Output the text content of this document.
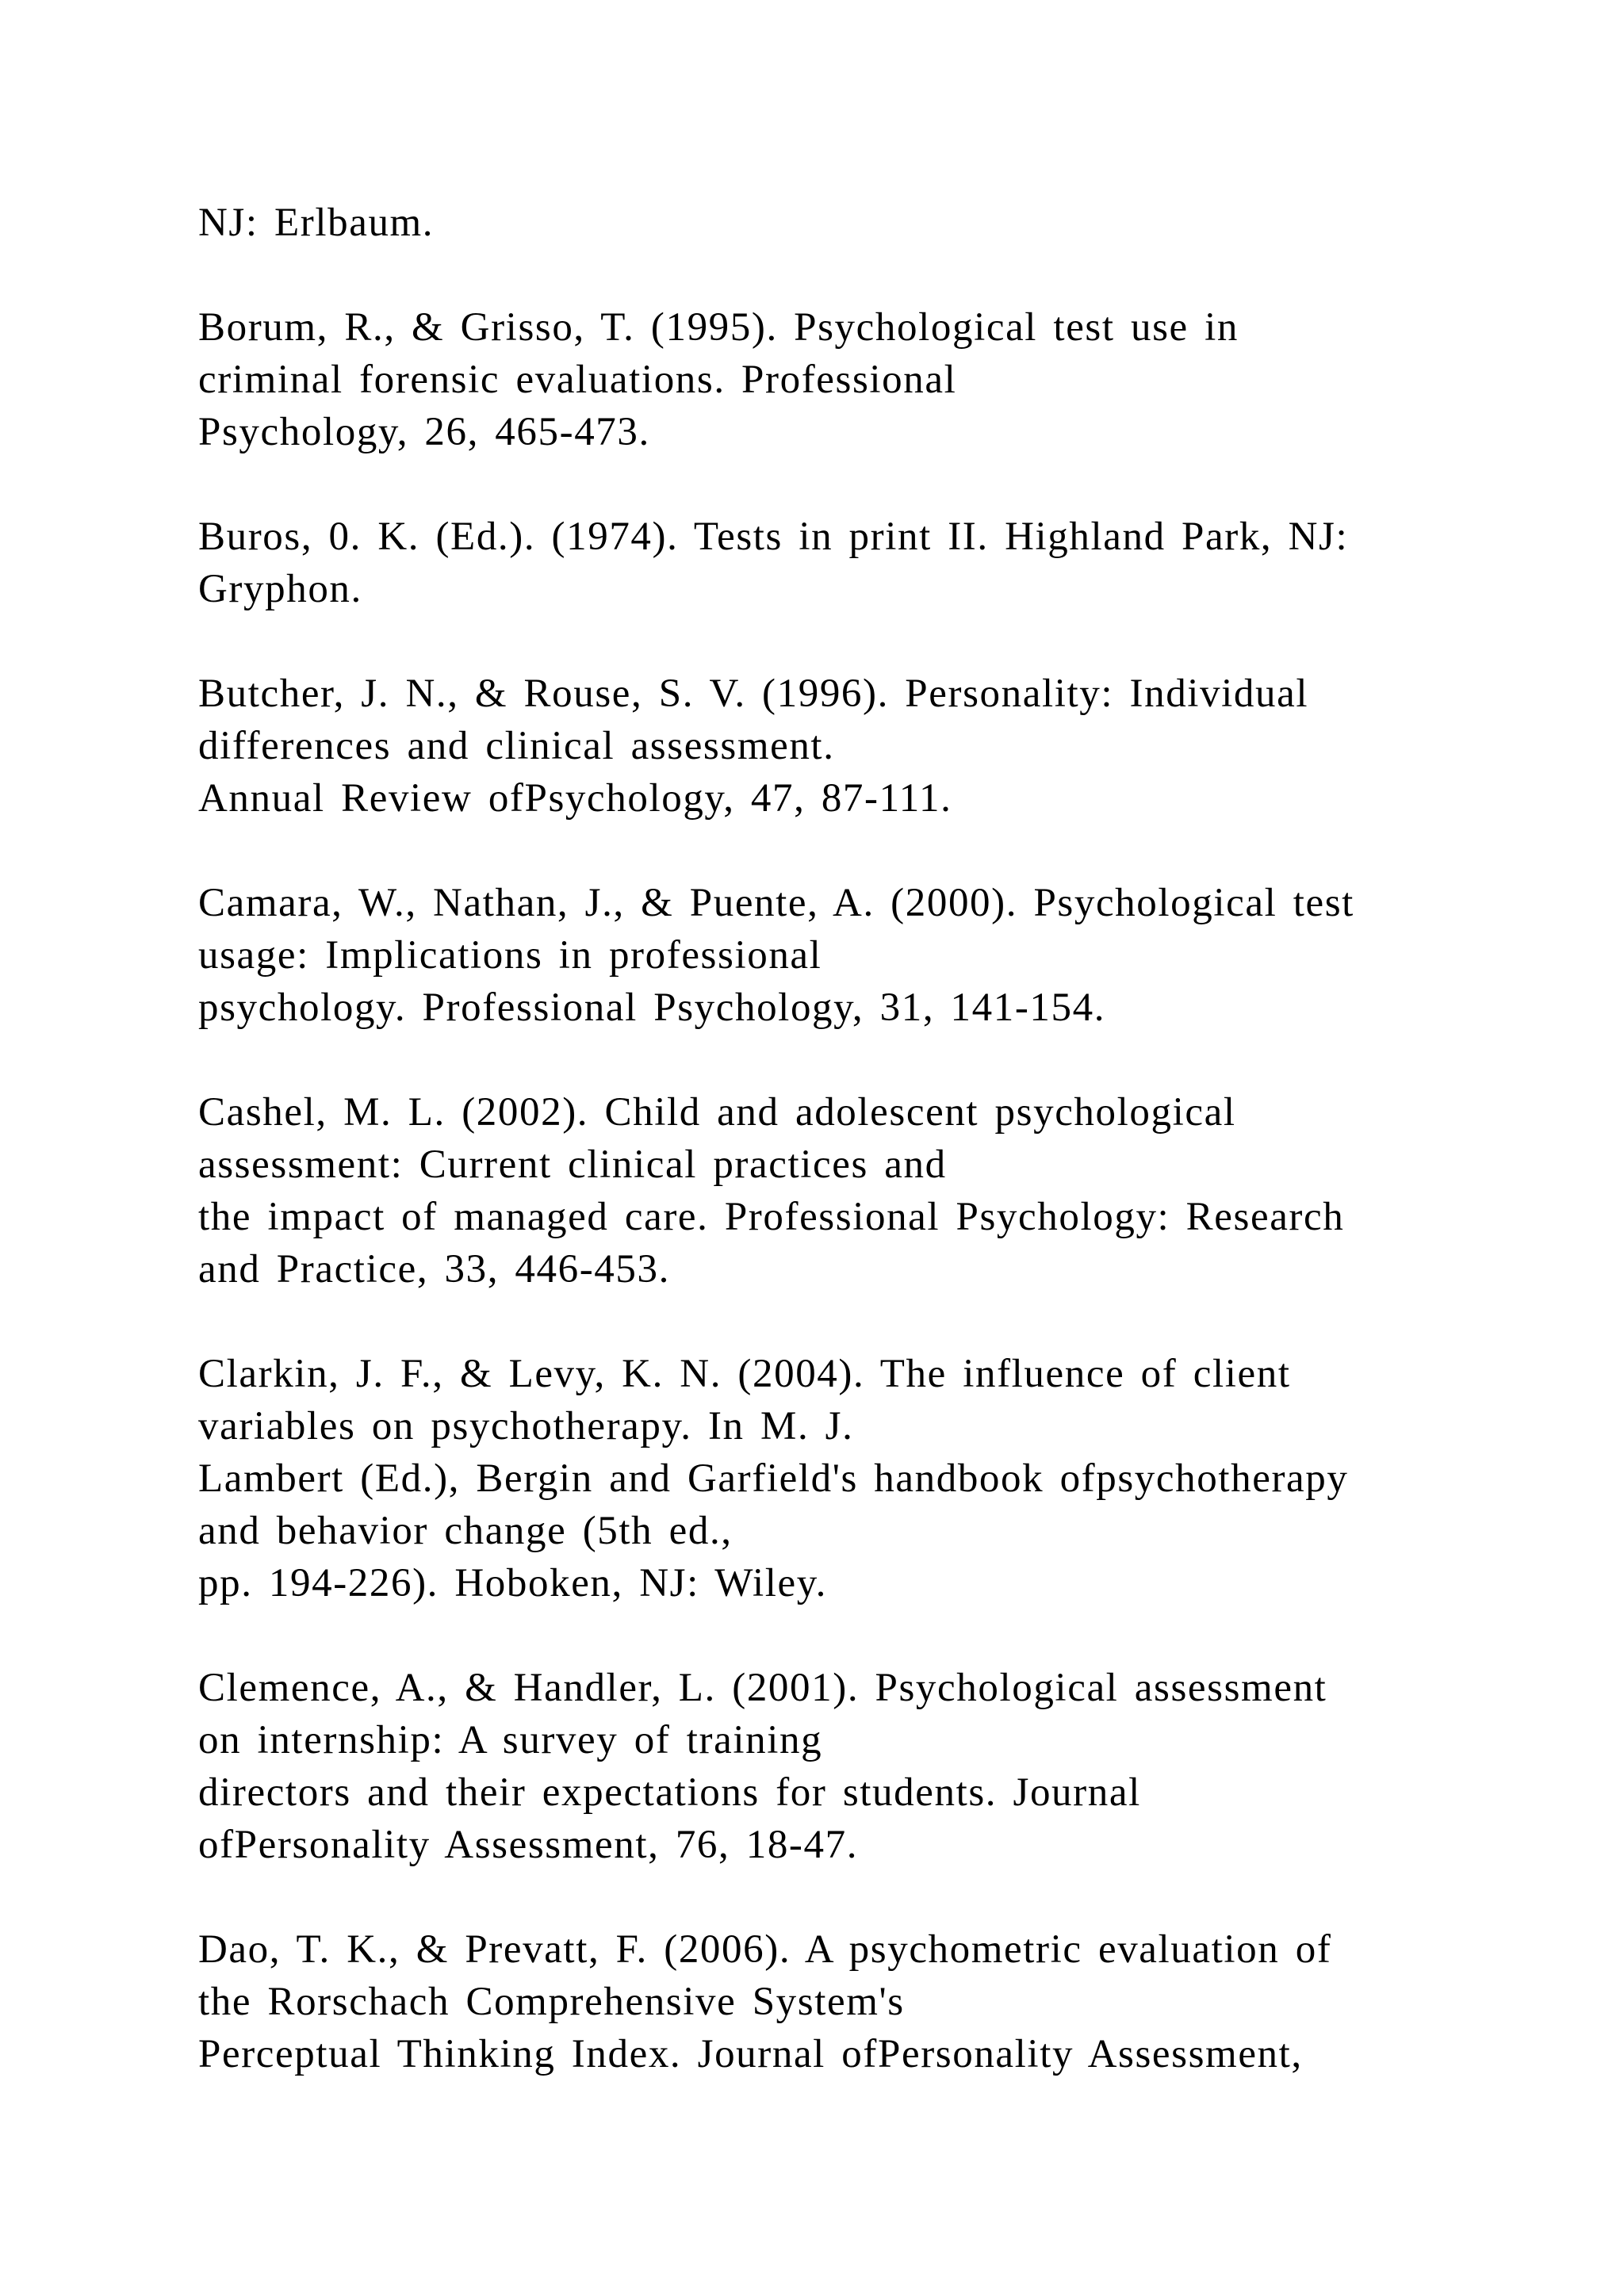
NJ: Erlbaum.
Borum, R., & Grisso, T. (1995). Psychological test use in
criminal forensic evaluations. Professional
Psychology, 26, 465-473.
Buros, 0. K. (Ed.). (1974). Tests in print II. Highland Park, NJ:
Gryphon.
Butcher, J. N., & Rouse, S. V. (1996). Personality: Individual
differences and clinical assessment.
Annual Review ofPsychology, 47, 87-111.
Camara, W., Nathan, J., & Puente, A. (2000). Psychological test
usage: Implications in professional
psychology. Professional Psychology, 31, 141-154.
Cashel, M. L. (2002). Child and adolescent psychological
assessment: Current clinical practices and
the impact of managed care. Professional Psychology: Research
and Practice, 33, 446-453.
Clarkin, J. F., & Levy, K. N. (2004). The influence of client
variables on psychotherapy. In M. J.
Lambert (Ed.), Bergin and Garfield's handbook ofpsychotherapy
and behavior change (5th ed.,
pp. 194-226). Hoboken, NJ: Wiley.
Clemence, A., & Handler, L. (2001). Psychological assessment
on internship: A survey of training
directors and their expectations for students. Journal
ofPersonality Assessment, 76, 18-47.
Dao, T. K., & Prevatt, F. (2006). A psychometric evaluation of
the Rorschach Comprehensive System's
Perceptual Thinking Index. Journal ofPersonality Assessment,
